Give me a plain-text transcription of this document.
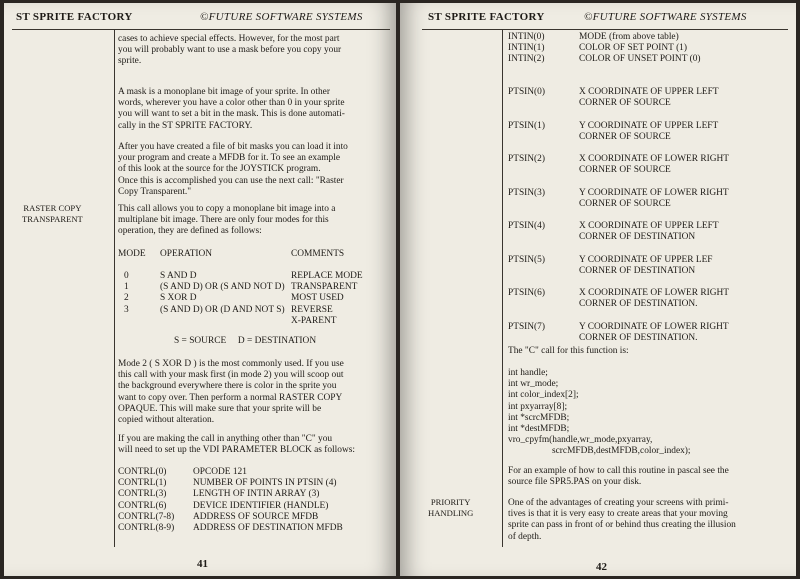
ST SPRITE FACTORY	©FUTURE SOFTWARE SYSTEMS
cases to achieve special effects. However, for the most part
you will probably want to use a mask before you copy your
sprite.
A mask is a monoplane bit image of your sprite. In other
words, wherever you have a color other than 0 in your sprite
you will want to set a bit in the mask. This is done automati-
cally in the ST SPRITE FACTORY.
After you have created a file of bit masks you can load it into
your program and create a MFDB for it. To see an example
of this look at the source for the JOYSTICK program.
Once this is accomplished you can use the next call: "Raster
Copy Transparent."
RASTER COPY
TRANSPARENT
This call allows you to copy a monoplane bit image into a
multiplane bit image. There are only four modes for this
operation, they are defined as follows:
MODE OPERATION	COMMENTS
0	S AND D	REPLACE MODE
1	(S AND D) OR (S AND NOT D) TRANSPARENT
2	S XOR D	MOST USED
3	(S AND D) OR (D AND NOT S) REVERSE
X-PARENT
S = SOURCE     D = DESTINATION
Mode 2 ( S XOR D ) is the most commonly used. If you use
this call with your mask first (in mode 2) you will scoop out
the background everywhere there is color in the sprite you
want to copy over. Then perform a normal RASTER COPY
OPAQUE. This will make sure that your sprite will be
copied without alteration.
If you are making the call in anything other than "C" you
will need to set up the VDI PARAMETER BLOCK as follows:
CONTRL(0)	OPCODE 121
CONTRL(1)	NUMBER OF POINTS IN PTSIN (4)
CONTRL(3)	LENGTH OF INTIN ARRAY (3)
CONTRL(6)	DEVICE IDENTIFIER (HANDLE)
CONTRL(7-8) ADDRESS OF SOURCE MFDB
CONTRL(8-9) ADDRESS OF DESTINATION MFDB
41
ST SPRITE FACTORY	©FUTURE SOFTWARE SYSTEMS
INTIN(0)	MODE (from above table)
INTIN(1)	COLOR OF SET POINT (1)
INTIN(2)	COLOR OF UNSET POINT (0)
PTSIN(0)	X COORDINATE OF UPPER LEFT
CORNER OF SOURCE
PTSIN(1)	Y COORDINATE OF UPPER LEFT
CORNER OF SOURCE
PTSIN(2)	X COORDINATE OF LOWER RIGHT
CORNER OF SOURCE
PTSIN(3)	Y COORDINATE OF LOWER RIGHT
CORNER OF SOURCE
PTSIN(4)	X COORDINATE OF UPPER LEFT
CORNER OF DESTINATION
PTSIN(5)	Y COORDINATE OF UPPER LEF
CORNER OF DESTINATION
PTSIN(6)	X COORDINATE OF LOWER RIGHT
CORNER OF DESTINATION.
PTSIN(7)	Y COORDINATE OF LOWER RIGHT
CORNER OF DESTINATION.
The "C" call for this function is:
int handle;
int wr_mode;
int color_index[2];
int pxyarray[8];
int *scrcMFDB;
int *destMFDB;
vro_cpyfm(handle,wr_mode,pxyarray,
scrcMFDB,destMFDB,color_index);
For an example of how to call this routine in pascal see the
source file SPR5.PAS on your disk.
PRIORITY
HANDLING
One of the advantages of creating your screens with primi-
tives is that it is very easy to create areas that your moving
sprite can pass in front of or behind thus creating the illusion
of depth.
42
